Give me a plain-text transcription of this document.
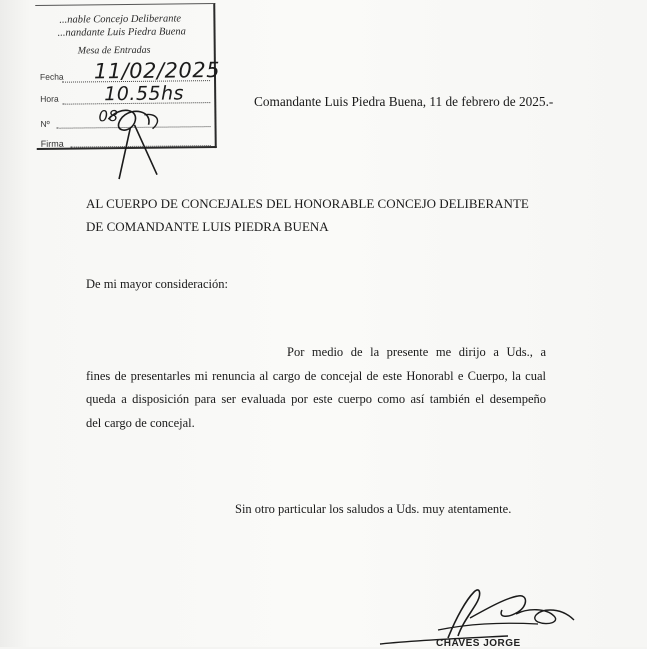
...nable Concejo Deliberante
...nandante Luis Piedra Buena
Mesa de Entradas
Fecha
Hora
Nº
Firma
11/02/2025
10.55hs
08
Comandante Luis Piedra Buena, 11 de febrero de 2025.-
AL CUERPO DE CONCEJALES DEL HONORABLE CONCEJO DELIBERANTE
DE COMANDANTE LUIS PIEDRA BUENA
De mi mayor consideración:
Por medio de la presente me dirijo a Uds., a
fines de presentarles mi renuncia al cargo de concejal de este Honorabl e Cuerpo, la cual
queda a disposición para ser evaluada por este cuerpo como así también el desempeño
del cargo de concejal.
Sin otro particular los saludos a Uds. muy atentamente.
CHAVES JORGE
